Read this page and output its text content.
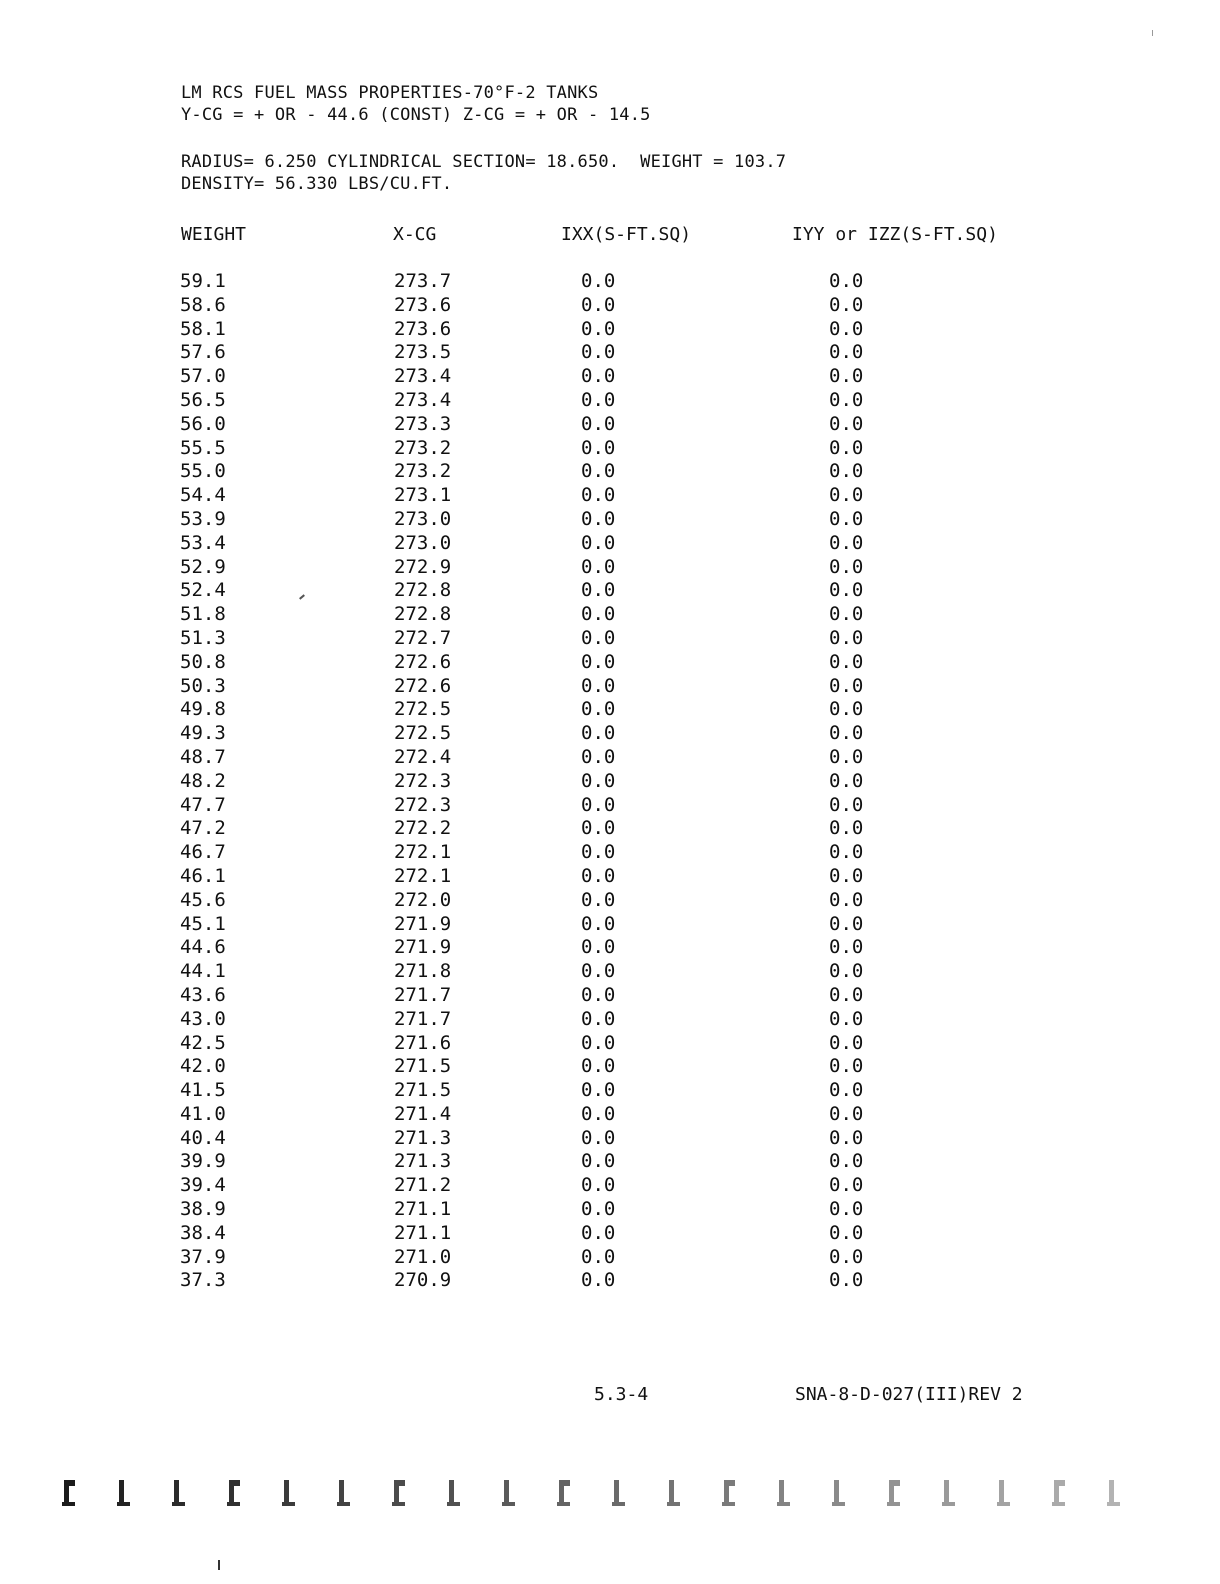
LM RCS FUEL MASS PROPERTIES-70°F-2 TANKS
Y-CG = + OR - 44.6 (CONST) Z-CG = + OR - 14.5
RADIUS= 6.250 CYLINDRICAL SECTION= 18.650.  WEIGHT = 103.7
DENSITY= 56.330 LBS/CU.FT.
WEIGHT	X-CG	IXX(S-FT.SQ)	IYY or IZZ(S-FT.SQ)
59.1	273.7	0.0	0.0
58.6	273.6	0.0	0.0
58.1	273.6	0.0	0.0
57.6	273.5	0.0	0.0
57.0	273.4	0.0	0.0
56.5	273.4	0.0	0.0
56.0	273.3	0.0	0.0
55.5	273.2	0.0	0.0
55.0	273.2	0.0	0.0
54.4	273.1	0.0	0.0
53.9	273.0	0.0	0.0
53.4	273.0	0.0	0.0
52.9	272.9	0.0	0.0
52.4	272.8	0.0	0.0
51.8	272.8	0.0	0.0
51.3	272.7	0.0	0.0
50.8	272.6	0.0	0.0
50.3	272.6	0.0	0.0
49.8	272.5	0.0	0.0
49.3	272.5	0.0	0.0
48.7	272.4	0.0	0.0
48.2	272.3	0.0	0.0
47.7	272.3	0.0	0.0
47.2	272.2	0.0	0.0
46.7	272.1	0.0	0.0
46.1	272.1	0.0	0.0
45.6	272.0	0.0	0.0
45.1	271.9	0.0	0.0
44.6	271.9	0.0	0.0
44.1	271.8	0.0	0.0
43.6	271.7	0.0	0.0
43.0	271.7	0.0	0.0
42.5	271.6	0.0	0.0
42.0	271.5	0.0	0.0
41.5	271.5	0.0	0.0
41.0	271.4	0.0	0.0
40.4	271.3	0.0	0.0
39.9	271.3	0.0	0.0
39.4	271.2	0.0	0.0
38.9	271.1	0.0	0.0
38.4	271.1	0.0	0.0
37.9	271.0	0.0	0.0
37.3	270.9	0.0	0.0
5.3-4	SNA-8-D-027(III)REV 2
